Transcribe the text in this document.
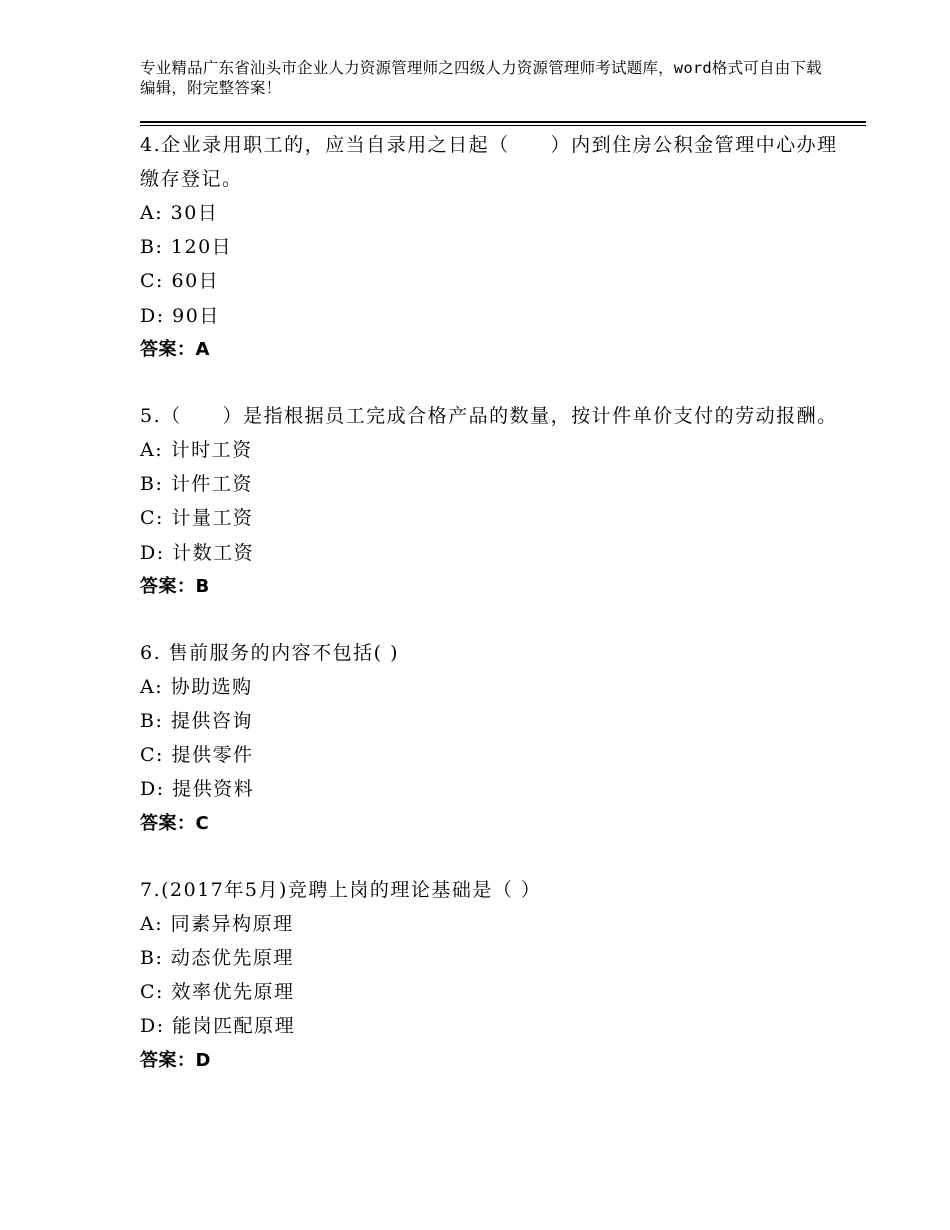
专业精品广东省汕头市企业人力资源管理师之四级人力资源管理师考试题库，word格式可自由下载编辑，附完整答案！
4.企业录用职工的，应当自录用之日起（　　）内到住房公积金管理中心办理缴存登记。
A: 30日
B: 120日
C: 60日
D: 90日
答案：A
5.（　　）是指根据员工完成合格产品的数量，按计件单价支付的劳动报酬。
A: 计时工资
B: 计件工资
C: 计量工资
D: 计数工资
答案：B
6. 售前服务的内容不包括( )
A: 协助选购
B: 提供咨询
C: 提供零件
D: 提供资料
答案：C
7.(2017年5月)竞聘上岗的理论基础是（ ）
A: 同素异构原理
B: 动态优先原理
C: 效率优先原理
D: 能岗匹配原理
答案：D
